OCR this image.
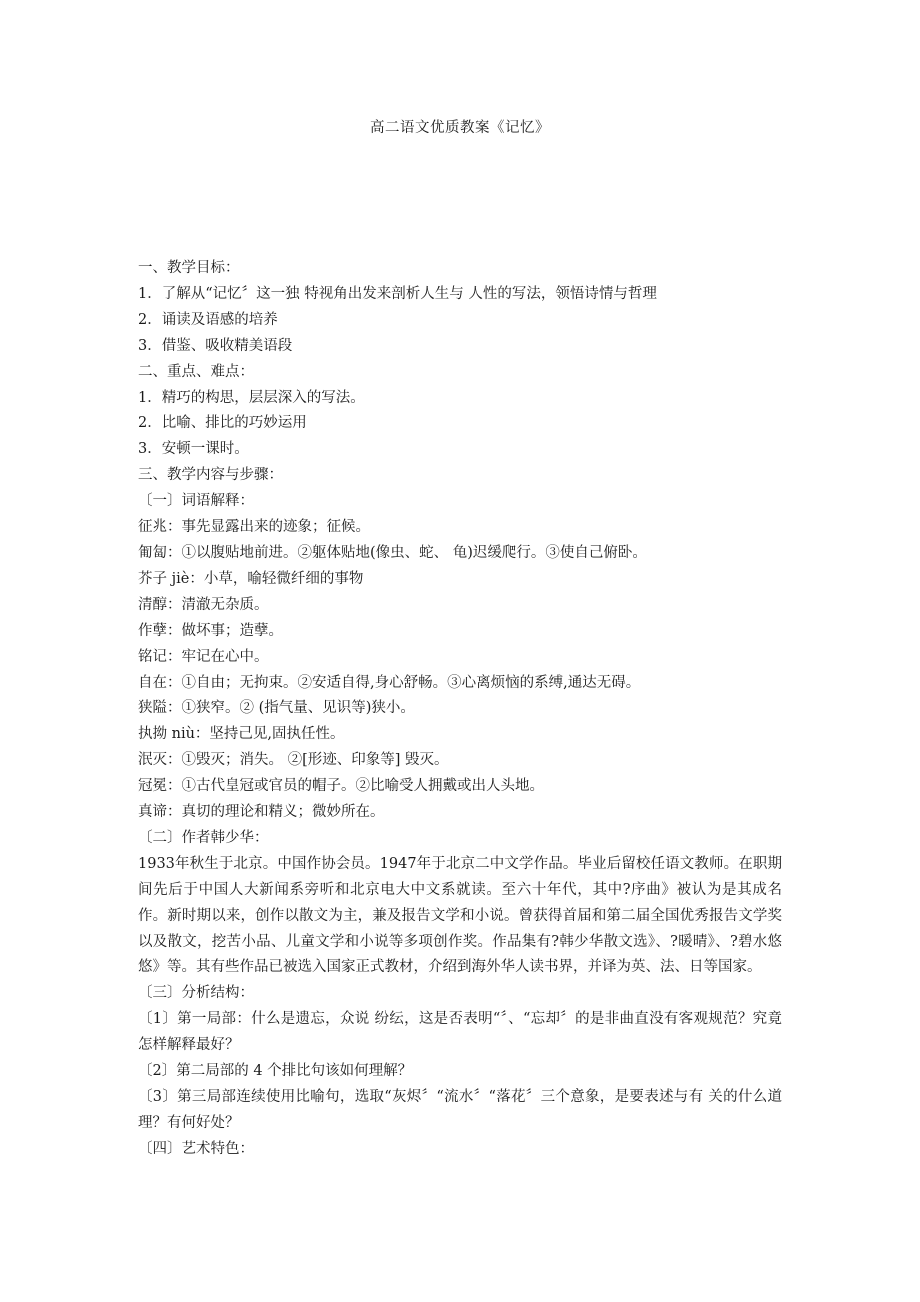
高二语文优质教案《记忆》

一、教学目标：

1．了解从“记忆〞这一独 特视角出发来剖析人生与 人性的写法，领悟诗情与哲理

2．诵读及语感的培养

3．借鉴、吸收精美语段

二、重点、难点：

1．精巧的构思，层层深入的写法。

2．比喻、排比的巧妙运用

3．安顿一课时。

三、教学内容与步骤：

〔一〕词语解释：

征兆：事先显露出来的迹象；征候。

匍匐：①以腹贴地前进。②躯体贴地(像虫、蛇、 龟)迟缓爬行。③使自己俯卧。

芥子 jiè：小草，喻轻微纤细的事物

清醇：清澈无杂质。

作孽：做坏事；造孽。

铭记：牢记在心中。

自在：①自由；无拘束。②安适自得,身心舒畅。③心离烦恼的系缚,通达无碍。

狭隘：①狭窄。② (指气量、见识等)狭小。

执拗 niù：坚持己见,固执任性。

泯灭：①毁灭；消失。 ②[形迹、印象等] 毁灭。

冠冕：①古代皇冠或官员的帽子。②比喻受人拥戴或出人头地。

真谛：真切的理论和精义；微妙所在。

〔二〕作者韩少华：

1933年秋生于北京。中国作协会员。1947年于北京二中文学作品。毕业后留校任语文教师。在职期间先后于中国人大新闻系旁听和北京电大中文系就读。至六十年代，其中?序曲》被认为是其成名作。新时期以来，创作以散文为主，兼及报告文学和小说。曾获得首届和第二届全国优秀报告文学奖以及散文，挖苦小品、儿童文学和小说等多项创作奖。作品集有?韩少华散文选》、?暖晴》、?碧水悠悠》等。其有些作品已被选入国家正式教材，介绍到海外华人读书界，并译为英、法、日等国家。

〔三〕分析结构：

〔1〕第一局部：什么是遗忘，众说 纷纭，这是否表明“〞、“忘却〞的是非曲直没有客观规范？究竟怎样解释最好？

〔2〕第二局部的 4 个排比句该如何理解？

〔3〕第三局部连续使用比喻句，选取“灰烬〞“流水〞“落花〞三个意象，是要表述与有 关的什么道理？有何好处？

〔四〕艺术特色：
